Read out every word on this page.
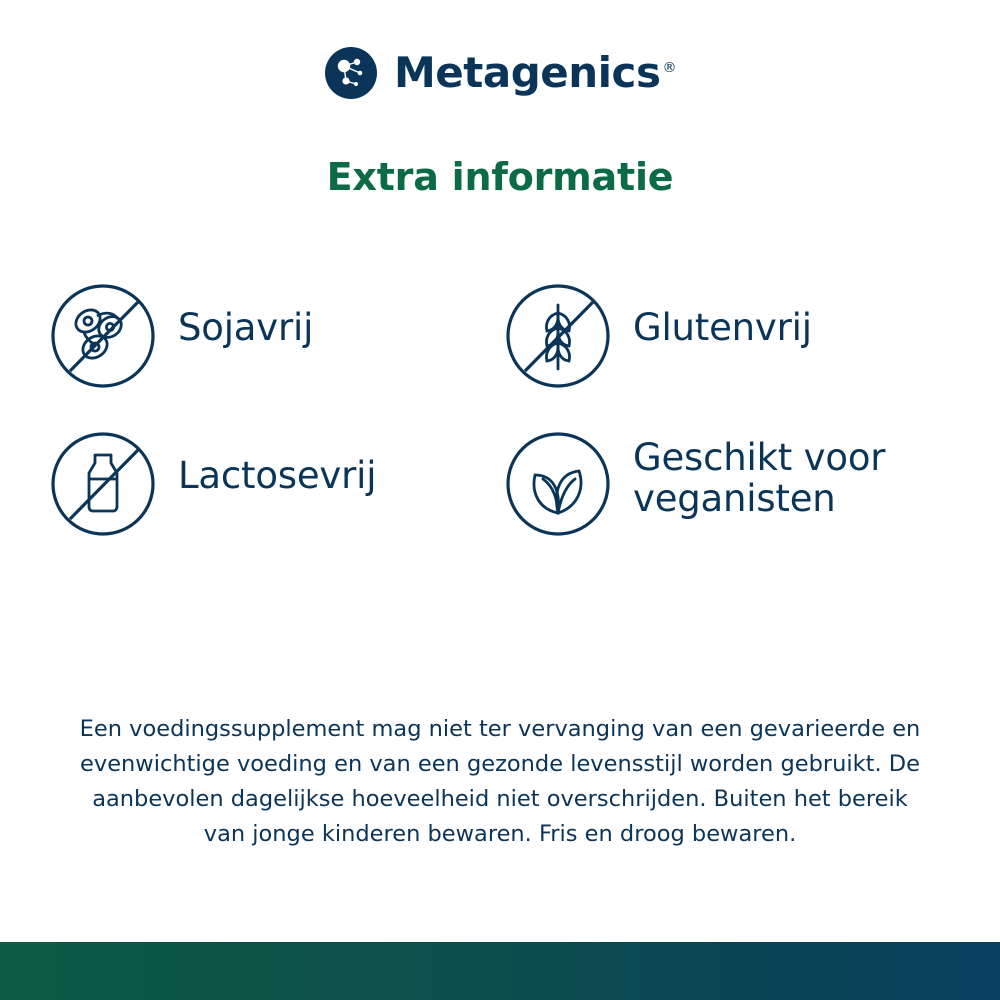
Metagenics ®
Extra informatie
Sojavrij	Glutenvrij
Lactosevrij	Geschikt voor veganisten
Een voedingssupplement mag niet ter vervanging van een gevarieerde en evenwichtige voeding en van een gezonde levensstijl worden gebruikt. De aanbevolen dagelijkse hoeveelheid niet overschrijden. Buiten het bereik van jonge kinderen bewaren. Fris en droog bewaren.
